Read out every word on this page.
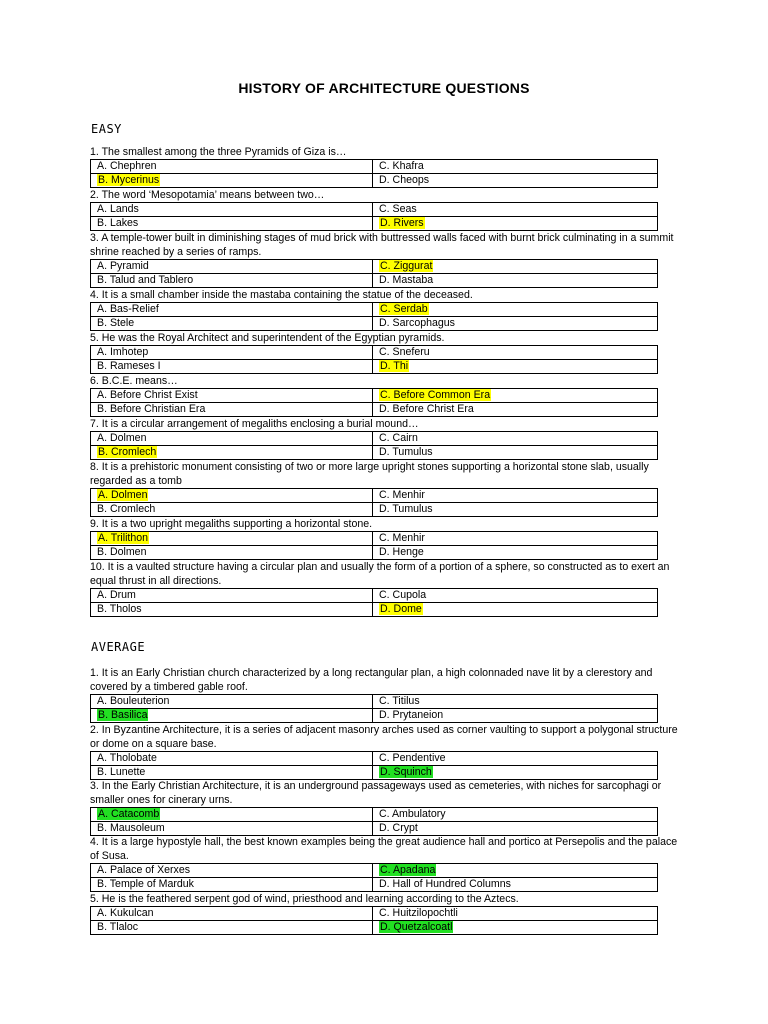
HISTORY OF ARCHITECTURE QUESTIONS
EASY
1. The smallest among the three Pyramids of Giza is…
A. Chephren	C. Khafra
B. Mycerinus	D. Cheops
2. The word ‘Mesopotamia’ means between two…
A. Lands	C. Seas
B. Lakes	D. Rivers
3. A temple-tower built in diminishing stages of mud brick with buttressed walls faced with burnt brick culminating in a summit shrine reached by a series of ramps.
A. Pyramid	C. Ziggurat
B. Talud and Tablero	D. Mastaba
4. It is a small chamber inside the mastaba containing the statue of the deceased.
A. Bas-Relief	C. Serdab
B. Stele	D. Sarcophagus
5. He was the Royal Architect and superintendent of the Egyptian pyramids.
A. Imhotep	C. Sneferu
B. Rameses I	D. Thi
6. B.C.E. means…
A. Before Christ Exist	C. Before Common Era
B. Before Christian Era	D. Before Christ Era
7. It is a circular arrangement of megaliths enclosing a burial mound…
A. Dolmen	C. Cairn
B. Cromlech	D. Tumulus
8. It is a prehistoric monument consisting of two or more large upright stones supporting a horizontal stone slab, usually regarded as a tomb
A. Dolmen	C. Menhir
B. Cromlech	D. Tumulus
9. It is a two upright megaliths supporting a horizontal stone.
A. Trilithon	C. Menhir
B. Dolmen	D. Henge
10. It is a vaulted structure having a circular plan and usually the form of a portion of a sphere, so constructed as to exert an equal thrust in all directions.
A. Drum	C. Cupola
B. Tholos	D. Dome
AVERAGE
1. It is an Early Christian church characterized by a long rectangular plan, a high colonnaded nave lit by a clerestory and covered by a timbered gable roof.
A. Bouleuterion	C. Titilus
B. Basilica	D. Prytaneion
2. In Byzantine Architecture, it is a series of adjacent masonry arches used as corner vaulting to support a polygonal structure or dome on a square base.
A. Tholobate	C. Pendentive
B. Lunette	D. Squinch
3. In the Early Christian Architecture, it is an underground passageways used as cemeteries, with niches for sarcophagi or smaller ones for cinerary urns.
A. Catacomb	C. Ambulatory
B. Mausoleum	D. Crypt
4. It is a large hypostyle hall, the best known examples being the great audience hall and portico at Persepolis and the palace of Susa.
A. Palace of Xerxes	C. Apadana
B. Temple of Marduk	D. Hall of Hundred Columns
5. He is the feathered serpent god of wind, priesthood and learning according to the Aztecs.
A. Kukulcan	C. Huitzilopochtli
B. Tlaloc	D. Quetzalcoatl
